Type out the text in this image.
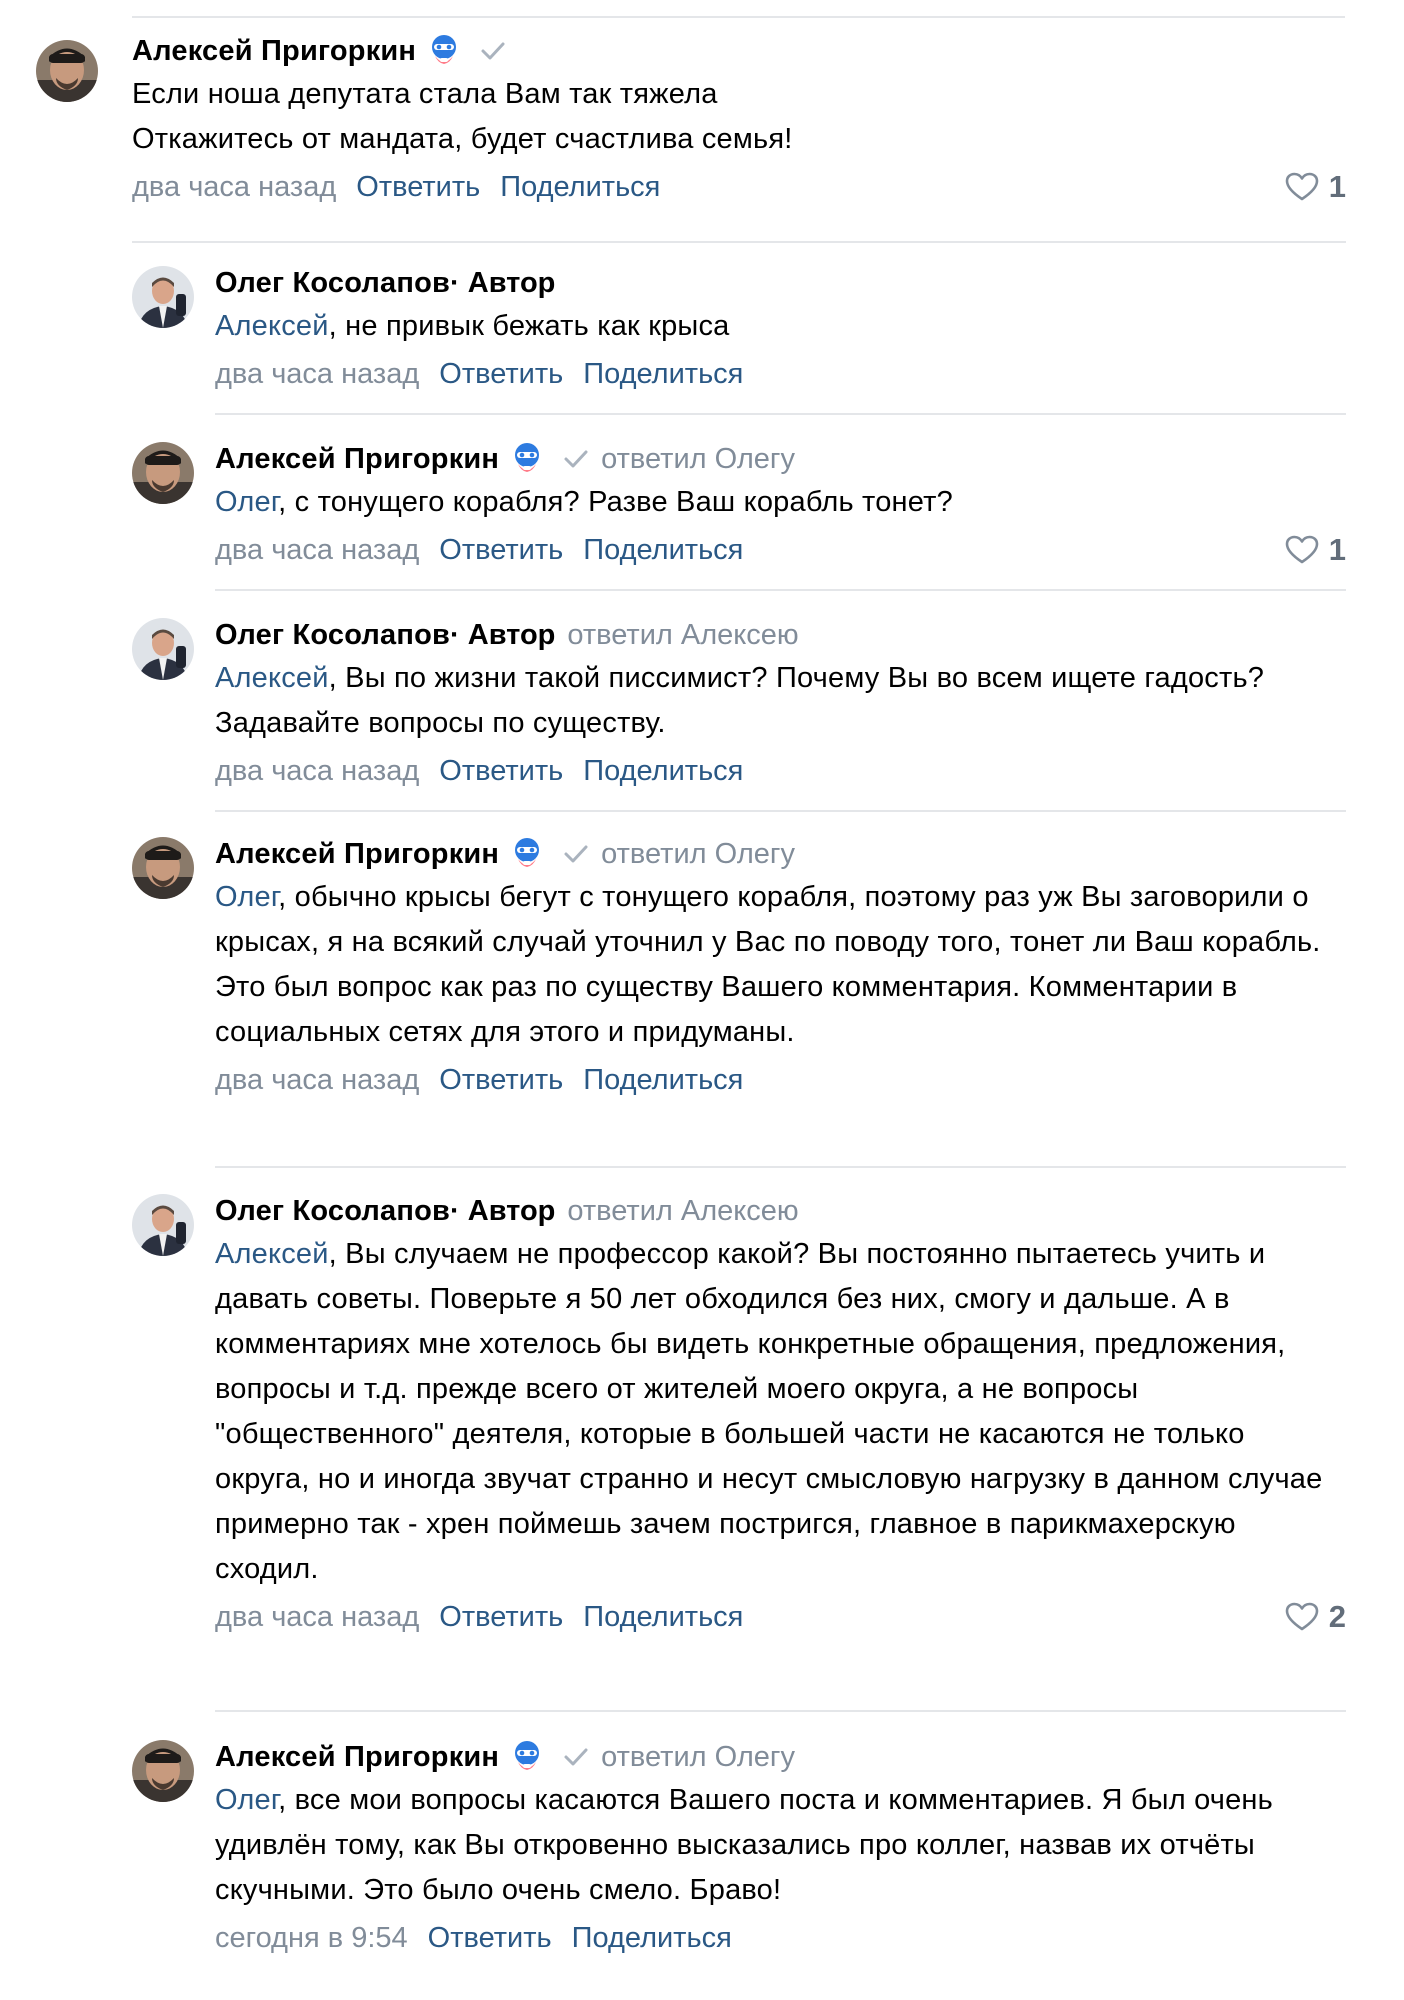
Алексей Пригоркин
Если ноша депутата стала Вам так тяжела
Откажитесь от мандата, будет счастлива семья!
два часа назад Ответить Поделиться	1
Олег Косолапов · Автор
Алексей, не привык бежать как крыса
два часа назад Ответить Поделиться
Алексей Пригоркин	ответил Олегу
Олег, с тонущего корабля? Разве Ваш корабль тонет?
два часа назад Ответить Поделиться	1
Олег Косолапов · Автор ответил Алексею
Алексей, Вы по жизни такой писсимист? Почему Вы во всем ищете гадость? Задавайте вопросы по существу.
два часа назад Ответить Поделиться
Алексей Пригоркин	ответил Олегу
Олег, обычно крысы бегут с тонущего корабля, поэтому раз уж Вы заговорили о крысах, я на всякий случай уточнил у Вас по поводу того, тонет ли Ваш корабль. Это был вопрос как раз по существу Вашего комментария. Комментарии в социальных сетях для этого и придуманы.
два часа назад Ответить Поделиться
Олег Косолапов · Автор ответил Алексею
Алексей, Вы случаем не профессор какой? Вы постоянно пытаетесь учить и давать советы. Поверьте я 50 лет обходился без них, смогу и дальше. А в комментариях мне хотелось бы видеть конкретные обращения, предложения, вопросы и т.д. прежде всего от жителей моего округа, а не вопросы "общественного" деятеля, которые в большей части не касаются не только округа, но и иногда звучат странно и несут смысловую нагрузку в данном случае примерно так - хрен поймешь зачем постригся, главное в парикмахерскую сходил.
два часа назад Ответить Поделиться	2
Алексей Пригоркин	ответил Олегу
Олег, все мои вопросы касаются Вашего поста и комментариев. Я был очень удивлён тому, как Вы откровенно высказались про коллег, назвав их отчёты скучными. Это было очень смело. Браво!
сегодня в 9:54 Ответить Поделиться
